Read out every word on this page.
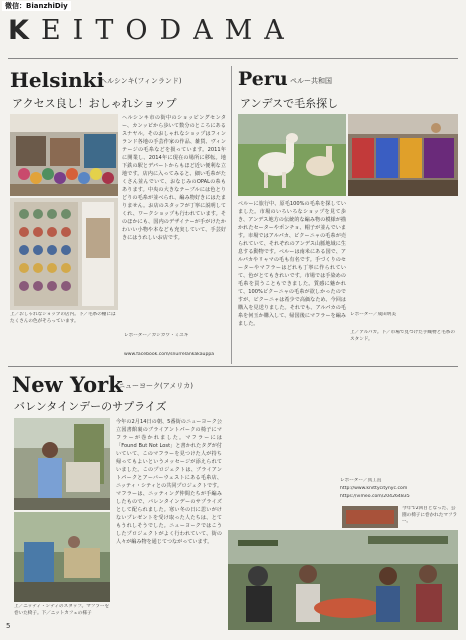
微信：BianzhiDiy
KEITODAMA
Helsinki
ヘルシンキ(フィンランド)
アクセス良し！おしゃれショップ
上／おしゃれなショップの店内。下／毛糸の棚にはたくさんの色がそろっています。
ヘルシンキ市の街中のショッピングセンター、カンッピから歩いて数分のところにあるスナヤル。そのおしゃれなショップはフィンランド各地の手芸作家の作品、雑貨、ヴィンテージの毛糸などを扱っています。2011年に開業し、2014年に現在の場所に移転。地下鉄の駅とデパートからもほど近い便利な立地です。店内に入ってみると、細い毛糸がたくさん並んでいて、おなじみのOPALの糸もあります。中央の大きなテーブルには色とりどりの毛糸が並べられ、編み物好きにはたまりません。お店のスタッフが丁寧に説明してくれ、ワークショップも行われています。そのほかにも、国内のデザイナーが手がけたかわいい小物や本なども充実していて、手芸好きにはうれしいお店です。
レポーター／カシカワ・ミユキ
www.facebook.com/snurrelankakauppa
Peru ペルー共和国
アンデスで毛糸探し
ペルーに旅行中、原毛100%の毛糸を探していました。市場のいろいろなショップを見て歩き、アンデス地方の伝統的な編み物の模様が描かれたセーターやポンチョ、帽子が並んでいます。市場ではアルパカ、ビクーニャの毛糸が売られていて、それぞれのアンデス山脈地域に生息する動物です。ペルーは南米にある国で、アルパカやリャマの毛も有名です。手づくりのセーターやマフラーはどれも丁寧に作られていて、色がとてもきれいです。市場では手染めの毛糸を買うこともできました。質感に魅かれて、100%ビクーニャの毛糸が欲しかったのですが、ビクーニャは希少で高価なため、今回は購入を見送りました。それでも、アルパカの毛糸を何玉か購入して、帰国後にマフラーを編みました。
レポーター／成田明美
上／アルパカ。下／市場で見つけた手織物と毛糸のスタンド。
New York
ニューヨーク(アメリカ)
バレンタインデーのサプライズ
上／ニッティ・シティのスタッフ。マフラーを巻いた椅子。下／ニットカフェの様子
今年の2月14日の朝、5番街のニューヨーク公立図書館裏のブライアントパークの椅子にマフラーが巻かれました。マフラーには「Found But Not Lost」と書かれたタグが付いていて、このマフラーを見つけた人が持ち帰ってもよいというメッセージが添えられていました。このプロジェクトは、ブライアントパークとアーバーウェストにある毛糸店、ニッティ・シティとの共同プロジェクトです。マフラーは、ニッティング仲間たちが手編みしたもので、バレンタインデーのサプライズとして配られました。寒い冬の日に思いがけないプレゼントを受け取った人たちは、とてもうれしそうでした。ニューヨークではこうしたプロジェクトがよく行われていて、街の人々が編み物を通じてつながっています。
レポーター／真工直
http://www.knittycitynyc.com
https://vimeo.com/204264835
今年で2回目となった、公園の椅子に巻かれたマフラー。
5
